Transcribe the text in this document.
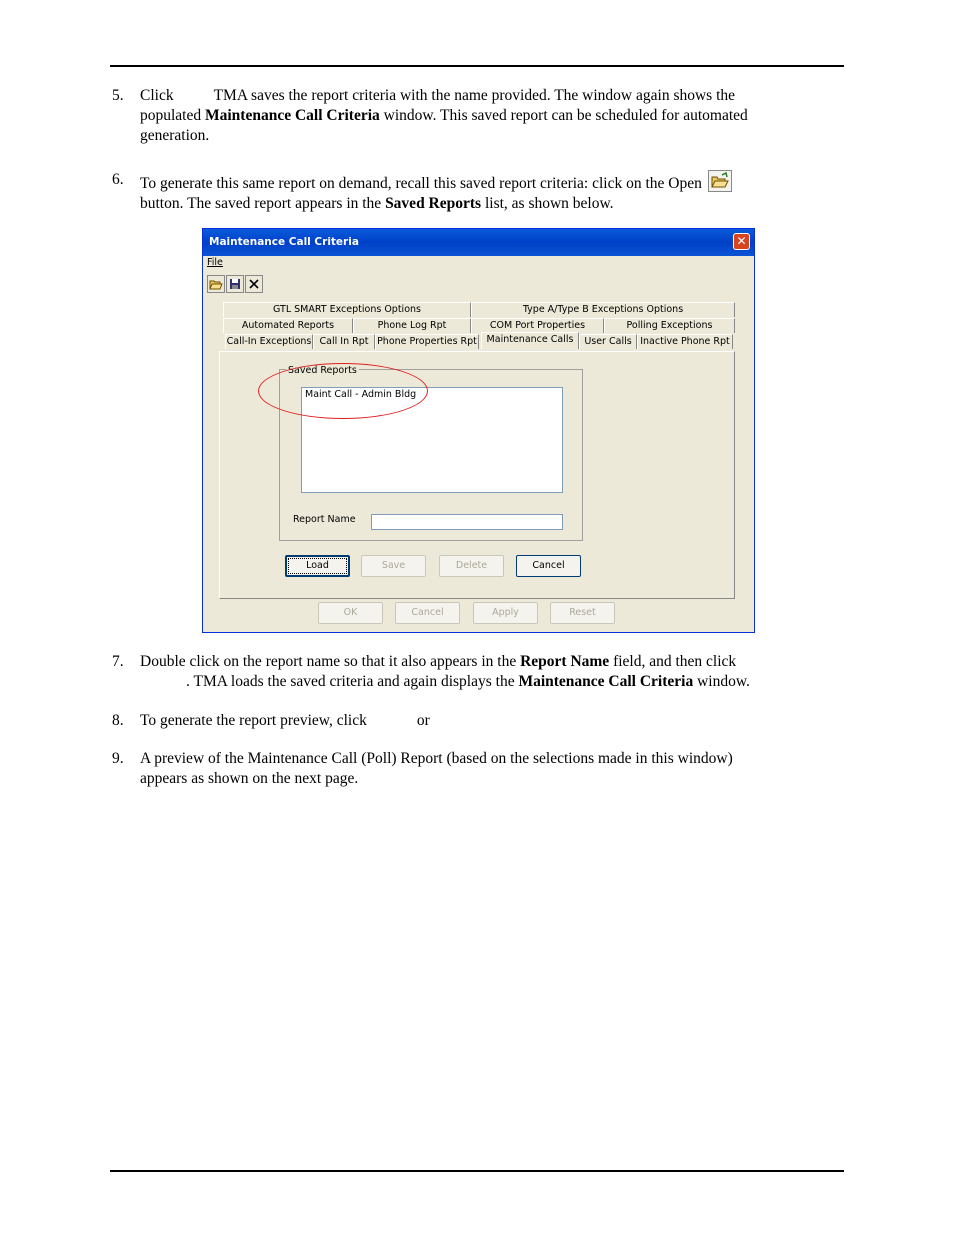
5. Click	TMA saves the report criteria with the name provided. The window again shows the
populated Maintenance Call Criteria window. This saved report can be scheduled for automated
generation.
6. To generate this same report on demand, recall this saved report criteria: click on the Open
button. The saved report appears in the Saved Reports list, as shown below.
Maintenance Call Criteria	✕
File
GTL SMART Exceptions Options	Type A/Type B Exceptions Options
Automated Reports	Phone Log Rpt	COM Port Properties	Polling Exceptions
Call-In Exceptions Call In Rpt Phone Properties Rpt	Maintenance Calls	User Calls Inactive Phone Rpt
Saved Reports
Maint Call - Admin Bldg
Report Name
Load	Save	Delete	Cancel
OK	Cancel	Apply	Reset
7. Double click on the report name so that it also appears in the Report Name field, and then click
. TMA loads the saved criteria and again displays the Maintenance Call Criteria window.
8. To generate the report preview, click	or
9. A preview of the Maintenance Call (Poll) Report (based on the selections made in this window)
appears as shown on the next page.
